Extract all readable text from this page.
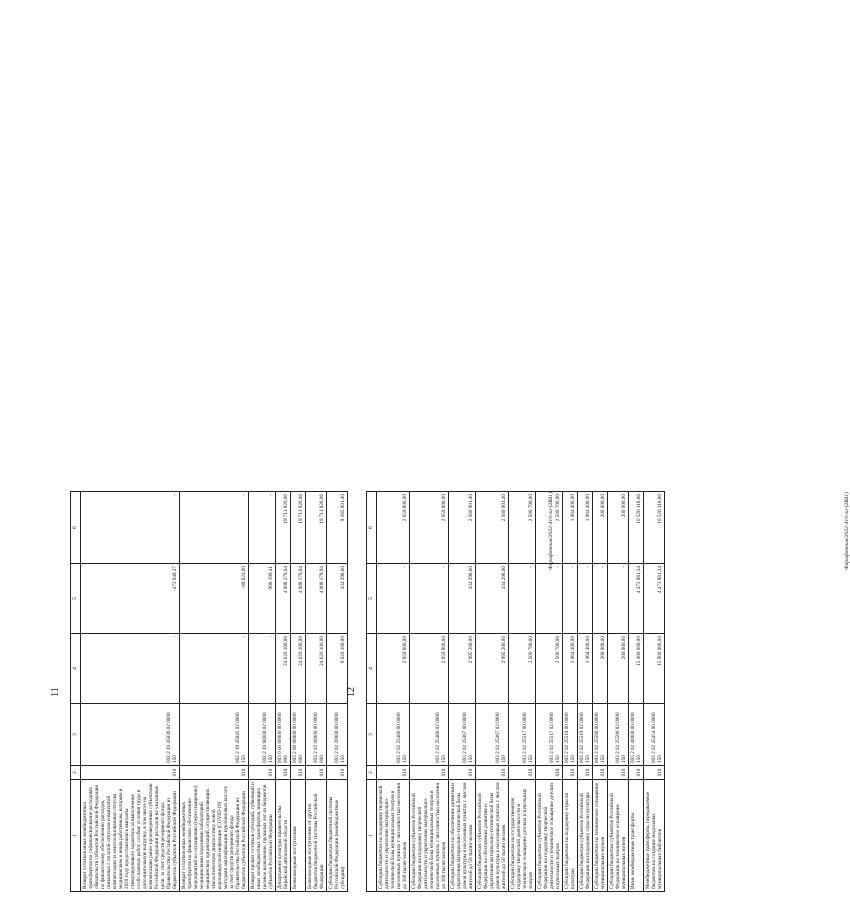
11
1	2	3	4	5	6
Возврат остатков иных межбюджетных трансфертов на софинансирование расходных обязательств субъектов Российской Федерации по финансовому обеспечению расходов, связанных с оплатой отпусков и выплатой компенсации за неиспользованные отпуска медицинским и иным работникам, которым в 2020 году предоставлялись выплаты стимулирующего характера за выполнение особо важных работ, особые условия труда и дополнительную нагрузку, в том числе на компенсацию ранее произведенных субъектами Российской Федерации расходов на указанные цели, за счет средств резервного фонда Правительства Российской Федерации из бюджетов субъектов Российской Федерации	010	002 2 19 45836 02 0000 150	-	-473 949,37	-
Возврат остатков иных межбюджетных трансфертов на финансовое обеспечение мероприятий по оснащению (переоснащению) медицинскими изделиями лабораторий медицинских организаций, осуществляющих этиологическую диагностику новой коронавирусной инфекции (COVID-19) методами амплификации нуклеиновых кислот, за счет средств резервного фонда Правительства Российской Федерации из бюджетов субъектов Российской Федерации	010	002 2 19 45845 02 0000 150	-	-99 924,00	-
Возврат прочих остатков субсидий, субвенций и иных межбюджетных трансфертов, имеющих целевое назначение, прошлых лет из бюджетов субъектов Российской Федерации	010	002 2 19 90000 02 0000 150	-	-998 199,41	-
Департамент культуры правительства Еврейской автономной области	010	003 0 00 00000 00 0000 000	24 620 100,00	4 908 179,94	19 711 920,06
Безвозмездные поступления	010	003 2 00 00000 00 0000 000	24 620 100,00	4 908 179,94	19 711 920,06
Безвозмездные поступления от других бюджетов бюджетной системы Российской Федерации	010	003 2 02 00000 00 0000 000	24 620 100,00	4 908 179,94	19 711 920,06
Субсидии бюджетам бюджетной системы Российской Федерации (межбюджетные субсидии)	010	003 2 02 20000 00 0000 150	9 620 100,00	434 298,60	9 185 801,40	Фарафонтов/2022-410-ло-(2В41)
12
1	2	3	4	5	6
Субсидии бюджетам на поддержку творческой деятельности и укрепление материально-технической базы муниципальных театров в населенных пунктах с численностью населения до 300 тысяч человек	010	003 2 02 25466 00 0000 150	2 859 800,00	-	2 859 800,00
Субсидии бюджетам субъектов Российской Федерации на поддержку творческой деятельности и укрепление материально-технической базы муниципальных театров в населенных пунктах с численностью населения до 300 тысяч человек	010	003 2 02 25466 02 0000 150	2 859 800,00	-	2 859 800,00
Субсидии бюджетам на обеспечение развития и укрепления материально-технической базы домов культуры в населенных пунктах с числом жителей до 50 тысяч человек	010	003 2 02 25467 00 0000 150	2 995 200,00	434 298,60	2 560 901,40
Субсидии бюджетам субъектов Российской Федерации на обеспечение развития и укрепления материально-технической базы домов культуры в населенных пунктах с числом жителей до 50 тысяч человек	010	003 2 02 25467 02 0000 150	2 995 200,00	434 298,60	2 560 901,40
Субсидии бюджетам на государственную поддержку творческой деятельности и техническое оснащение детских и кукольных театров	010	003 2 02 25517 00 0000 150	2 500 700,00	-	2 500 700,00
Субсидии бюджетам субъектов Российской Федерации на поддержку творческой деятельности и техническое оснащение детских и кукольных театров	010	003 2 02 25517 02 0000 150	2 500 700,00	-	2 500 700,00
Субсидии бюджетам на поддержку отрасли культуры	010	003 2 02 25519 00 0000 150	1 064 400,00	-	1 064 400,00
Субсидии бюджетам субъектов Российской Федерации на поддержку отрасли культуры	010	003 2 02 25519 02 0000 150	1 064 400,00	-	1 064 400,00
Субсидии бюджетам на техническое оснащение муниципальных музеев	010	003 2 02 25590 00 0000 150	200 000,00	-	200 000,00
Субсидии бюджетам субъектов Российской Федерации на техническое оснащение муниципальных музеев	010	003 2 02 25590 02 0000 150	200 000,00	-	200 000,00
Иные межбюджетные трансферты	010	003 2 02 40000 00 0000 150	15 000 000,00	4 473 881,34	10 526 118,66
Межбюджетные трансферты, передаваемые бюджетам на создание модельных муниципальных библиотек	010	003 2 02 45454 00 0000 150	15 000 000,00	4 473 881,34	10 526 118,66	Фарафонтов/2022-410-ло-(2В41)
